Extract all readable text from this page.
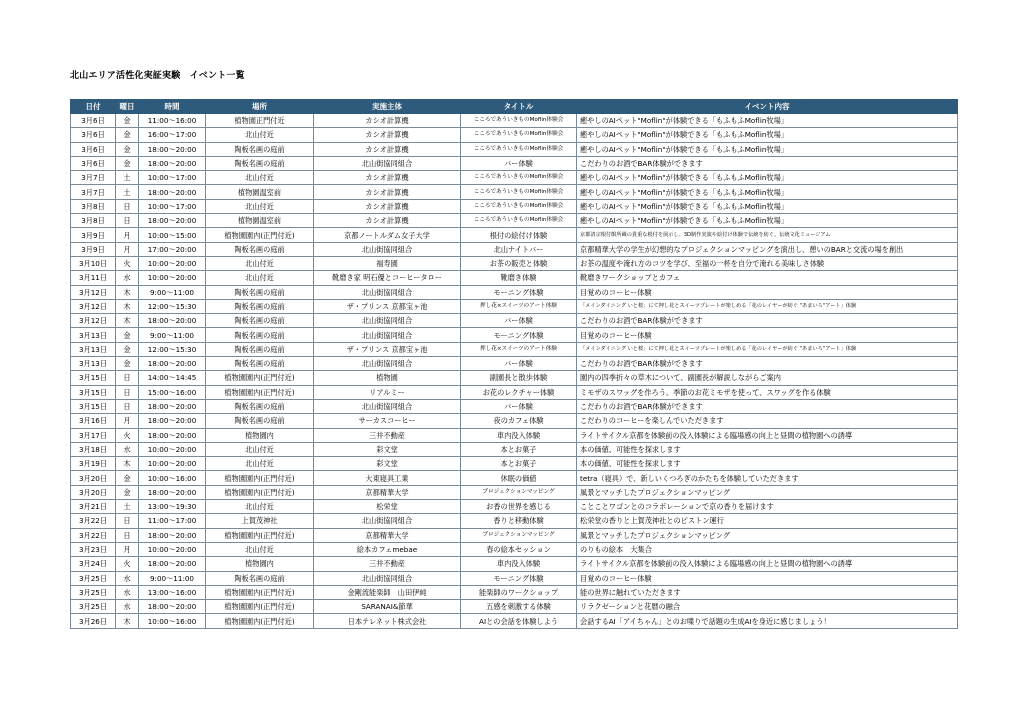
北山エリア活性化実証実験　イベント一覧
日付	曜日	時間	場所	実施主体	タイトル	イベント内容
3月6日	金	11:00～16:00	植物園正門付近	カシオ計算機	こころであういきものMoflin体験会	癒やしのAIペット"Moflin"が体験できる「もふもふMoflin牧場」
3月6日	金	16:00～17:00	北山付近	カシオ計算機	こころであういきものMoflin体験会	癒やしのAIペット"Moflin"が体験できる「もふもふMoflin牧場」
3月6日	金	18:00～20:00	陶板名画の庭前	カシオ計算機	こころであういきものMoflin体験会	癒やしのAIペット"Moflin"が体験できる「もふもふMoflin牧場」
3月6日	金	18:00～20:00	陶板名画の庭前	北山街協同組合	バー体験	こだわりのお酒でBAR体験ができます
3月7日	土	10:00～17:00	北山付近	カシオ計算機	こころであういきものMoflin体験会	癒やしのAIペット"Moflin"が体験できる「もふもふMoflin牧場」
3月7日	土	18:00～20:00	植物園温室前	カシオ計算機	こころであういきものMoflin体験会	癒やしのAIペット"Moflin"が体験できる「もふもふMoflin牧場」
3月8日	日	10:00～17:00	北山付近	カシオ計算機	こころであういきものMoflin体験会	癒やしのAIペット"Moflin"が体験できる「もふもふMoflin牧場」
3月8日	日	18:00～20:00	植物園温室前	カシオ計算機	こころであういきものMoflin体験会	癒やしのAIペット"Moflin"が体験できる「もふもふMoflin牧場」
3月9日	月	10:00～15:00	植物園園内(正門付近)	京都ノートルダム女子大学	根付の絵付け体験	京都清宗根付館所蔵の貴重な根付を展示し、3D制作実演や絵付け体験で伝統を紡ぐ。伝統文化ミュージアム
3月9日	月	17:00～20:00	陶板名画の庭前	北山街協同組合	北山ナイトバー	京都精華大学の学生が幻想的なプロジェクションマッピングを演出し、憩いのBARと交流の場を創出
3月10日	火	10:00～20:00	北山付近	福寿園	お茶の販売と体験	お茶の温度や淹れ方のコツを学び、至福の一杯を自分で淹れる美味しさ体験
3月11日	水	10:00～20:00	北山付近	靴磨き家 明石優とコーヒータロー	靴磨き体験	靴磨きワークショップとカフェ
3月12日	木	9:00～11:00	陶板名画の庭前	北山街協同組合	モーニング体験	目覚めのコーヒー体験
3月12日	木	12:00～15:30	陶板名画の庭前	ザ・プリンス 京都宝ヶ池	押し花×スイーツのアート体験	「メインダイニング いと桜」にて押し花とスイーツプレートが楽しめる「花のレイヤーが紡ぐ "あまいろ"アート」体験
3月12日	木	18:00～20:00	陶板名画の庭前	北山街協同組合	バー体験	こだわりのお酒でBAR体験ができます
3月13日	金	9:00～11:00	陶板名画の庭前	北山街協同組合	モーニング体験	目覚めのコーヒー体験
3月13日	金	12:00～15:30	陶板名画の庭前	ザ・プリンス 京都宝ヶ池	押し花×スイーツのアート体験	「メインダイニング いと桜」にて押し花とスイーツプレートが楽しめる「花のレイヤーが紡ぐ "あまいろ"アート」体験
3月13日	金	18:00～20:00	陶板名画の庭前	北山街協同組合	バー体験	こだわりのお酒でBAR体験ができます
3月15日	日	14:00～14:45	植物園園内(正門付近)	植物園	副園長と散歩体験	園内の四季折々の草木について、副園長が解説しながらご案内
3月15日	日	15:00～16:00	植物園園内(正門付近)	リアルミー	お花のレクチャー体験	ミモザのスワッグを作ろう。季節のお花ミモザを使って、スワッグを作る体験
3月15日	日	18:00～20:00	陶板名画の庭前	北山街協同組合	バー体験	こだわりのお酒でBAR体験ができます
3月16日	月	18:00～20:00	陶板名画の庭前	サーカスコーヒー	夜のカフェ体験	こだわりのコーヒーを楽しんでいただきます
3月17日	火	18:00～20:00	植物園内	三井不動産	車内没入体験	ライトサイクル京都を体験前の没入体験による臨場感の向上と昼間の植物園への誘導
3月18日	水	10:00～20:00	北山付近	彩文堂	本とお菓子	本の価値、可能性を探求します
3月19日	木	10:00～20:00	北山付近	彩文堂	本とお菓子	本の価値、可能性を探求します
3月20日	金	10:00～16:00	植物園園内(正門付近)	大東寝具工業	休眠の価値	tetra（寝具）で、新しいくつろぎのかたちを体験していただきます
3月20日	金	18:00～20:00	植物園園内(正門付近)	京都精華大学	プロジェクションマッピング	風景とマッチしたプロジェクションマッピング
3月21日	土	13:00～19:30	北山付近	松栄堂	お香の世界を感じる	ことことワゴンとのコラボレーションで京の香りを届けます
3月22日	日	11:00～17:00	上賀茂神社	北山街協同組合	香りと移動体験	松栄堂の香りと上賀茂神社とのピストン運行
3月22日	日	18:00～20:00	植物園園内(正門付近)	京都精華大学	プロジェクションマッピング	風景とマッチしたプロジェクションマッピング
3月23日	月	10:00～20:00	北山付近	絵本カフェmebae	春の絵本セッション	のりもの絵本　大集合
3月24日	火	18:00～20:00	植物園内	三井不動産	車内没入体験	ライトサイクル京都を体験前の没入体験による臨場感の向上と昼間の植物園への誘導
3月25日	水	9:00～11:00	陶板名画の庭前	北山街協同組合	モーニング体験	目覚めのコーヒー体験
3月25日	水	13:00～16:00	植物園園内(正門付近)	金剛流能楽師　山田伊純	能楽師のワークショップ	能の世界に触れていただきます
3月25日	水	18:00～20:00	植物園園内(正門付近)	SARANAI&節華	五感を刺激する体験	リラクゼーションと花暦の融合
3月26日	木	10:00～16:00	植物園園内(正門付近)	日本テレネット株式会社	AIとの会話を体験しよう	会話するAI「アイちゃん」とのお喋りで話題の生成AIを身近に感じましょう！
